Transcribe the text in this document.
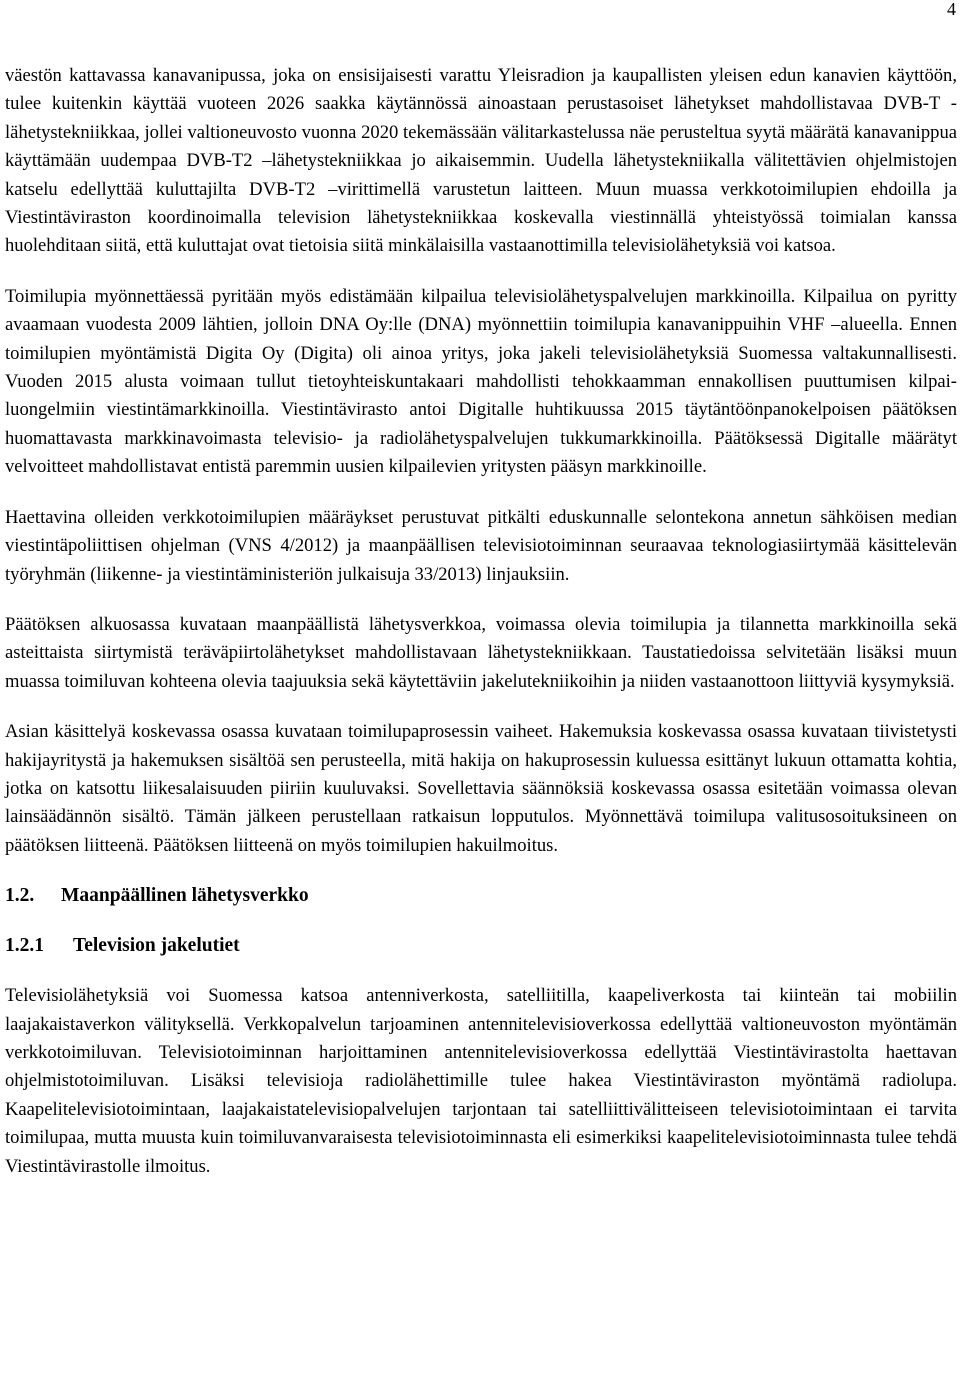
4

väestön kattavassa kanavanipussa, joka on ensisijaisesti varattu Yleisradion ja kaupallisten yleisen edun kanavien käyttöön, tulee kuitenkin käyttää vuoteen 2026 saakka käytännössä ainoastaan perustasoiset lähetykset mahdollistavaa DVB-T -lähetystekniikkaa, jollei valtioneuvosto vuonna 2020 tekemässään välitarkastelussa näe perusteltua syytä määrätä kanavanippua käyttämään uudempaa DVB-T2 –lähetystekniikkaa jo aikaisemmin. Uudella lähetystekniikalla välitettävien ohjelmistojen katselu edellyttää kuluttajilta DVB-T2 –virittimellä varustetun laitteen. Muun muassa verkkotoimilupien ehdoilla ja Viestintäviraston koordinoimalla television lähetystekniikkaa koskevalla viestinnällä yhteistyössä toimialan kanssa huolehditaan siitä, että kuluttajat ovat tietoisia siitä minkälaisilla vastaanottimilla televisiolähetyksiä voi katsoa.

Toimilupia myönnettäessä pyritään myös edistämään kilpailua televisiolähetyspalvelujen markkinoilla. Kilpailua on pyritty avaamaan vuodesta 2009 lähtien, jolloin DNA Oy:lle (DNA) myönnettiin toimilupia kanavanippuihin VHF –alueella. Ennen toimilupien myöntämistä Digita Oy (Digita) oli ainoa yritys, joka jakeli televisiolähetyksiä Suomessa valtakunnallisesti. Vuoden 2015 alusta voimaan tullut tietoyhteiskuntakaari mahdollisti tehokkaamman ennakollisen puuttumisen kilpailuongelmiin viestintämarkkinoilla. Viestintävirasto antoi Digitalle huhtikuussa 2015 täytäntöönpanokelpoisen päätöksen huomattavasta markkinavoimasta televisio- ja radiolähetyspalvelujen tukkumarkkinoilla. Päätöksessä Digitalle määrätyt velvoitteet mahdollistavat entistä paremmin uusien kilpailevien yritysten pääsyn markkinoille.

Haettavina olleiden verkkotoimilupien määräykset perustuvat pitkälti eduskunnalle selontekona annetun sähköisen median viestintäpoliittisen ohjelman (VNS 4/2012) ja maanpäällisen televisiotoiminnan seuraavaa teknologiasiirtymää käsittelevän työryhmän (liikenne- ja viestintäministeriön julkaisuja 33/2013) linjauksiin.

Päätöksen alkuosassa kuvataan maanpäällistä lähetysverkkoa, voimassa olevia toimilupia ja tilannetta markkinoilla sekä asteittaista siirtymistä teräväpiirtolähetykset mahdollistavaan lähetystekniikkaan. Taustatiedoissa selvitetään lisäksi muun muassa toimiluvan kohteena olevia taajuuksia sekä käytettäviin jakelutekniikoihin ja niiden vastaanottoon liittyviä kysymyksiä.

Asian käsittelyä koskevassa osassa kuvataan toimilupaprosessin vaiheet. Hakemuksia koskevassa osassa kuvataan tiivistetysti hakijayritystä ja hakemuksen sisältöä sen perusteella, mitä hakija on hakuprosessin kuluessa esittänyt lukuun ottamatta kohtia, jotka on katsottu liikesalaisuuden piiriin kuuluvaksi. Sovellettavia säännöksiä koskevassa osassa esitetään voimassa olevan lainsäädännön sisältö. Tämän jälkeen perustellaan ratkaisun lopputulos. Myönnettävä toimilupa valitusosoituksineen on päätöksen liitteenä. Päätöksen liitteenä on myös toimilupien hakuilmoitus.

1.2. Maanpäällinen lähetysverkko
1.2.1 Television jakelutiet

Televisiolähetyksiä voi Suomessa katsoa antenniverkosta, satelliitilla, kaapeliverkosta tai kiinteän tai mobiilin laajakaistaverkon välityksellä. Verkkopalvelun tarjoaminen antennitelevisioverkossa edellyttää valtioneuvoston myöntämän verkkotoimiluvan. Televisiotoiminnan harjoittaminen antennitelevisioverkossa edellyttää Viestintävirastolta haettavan ohjelmistotoimiluvan. Lisäksi televisioja radiolähettimille tulee hakea Viestintäviraston myöntämä radiolupa. Kaapelitelevisiotoimintaan, laajakaistatelevisiopalvelujen tarjontaan tai satelliittivälitteiseen televisiotoimintaan ei tarvita toimilupaa, mutta muusta kuin toimiluvanvaraisesta televisiotoiminnasta eli esimerkiksi kaapelitelevisiotoiminnasta tulee tehdä Viestintävirastolle ilmoitus.
